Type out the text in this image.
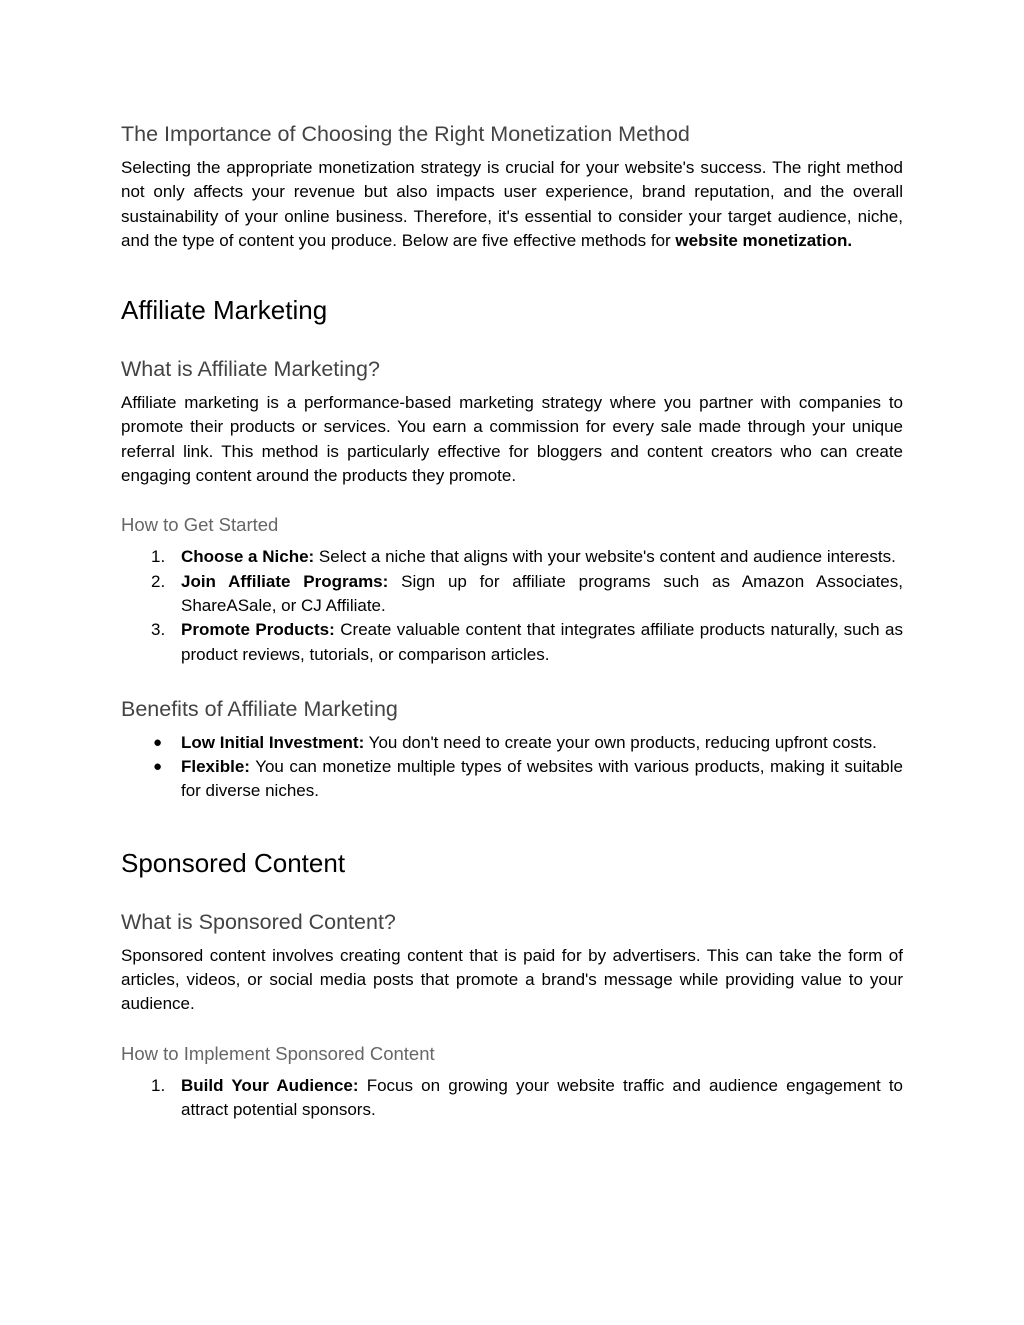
The Importance of Choosing the Right Monetization Method

Selecting the appropriate monetization strategy is crucial for your website's success. The right method not only affects your revenue but also impacts user experience, brand reputation, and the overall sustainability of your online business. Therefore, it's essential to consider your target audience, niche, and the type of content you produce. Below are five effective methods for website monetization.

Affiliate Marketing
What is Affiliate Marketing?

Affiliate marketing is a performance-based marketing strategy where you partner with companies to promote their products or services. You earn a commission for every sale made through your unique referral link. This method is particularly effective for bloggers and content creators who can create engaging content around the products they promote.

How to Get Started
1. Choose a Niche: Select a niche that aligns with your website's content and audience interests.
2. Join Affiliate Programs: Sign up for affiliate programs such as Amazon Associates, ShareASale, or CJ Affiliate.
3. Promote Products: Create valuable content that integrates affiliate products naturally, such as product reviews, tutorials, or comparison articles.
Benefits of Affiliate Marketing
● Low Initial Investment: You don't need to create your own products, reducing upfront costs.
● Flexible: You can monetize multiple types of websites with various products, making it suitable for diverse niches.
Sponsored Content
What is Sponsored Content?

Sponsored content involves creating content that is paid for by advertisers. This can take the form of articles, videos, or social media posts that promote a brand's message while providing value to your audience.

How to Implement Sponsored Content
1. Build Your Audience: Focus on growing your website traffic and audience engagement to attract potential sponsors.
